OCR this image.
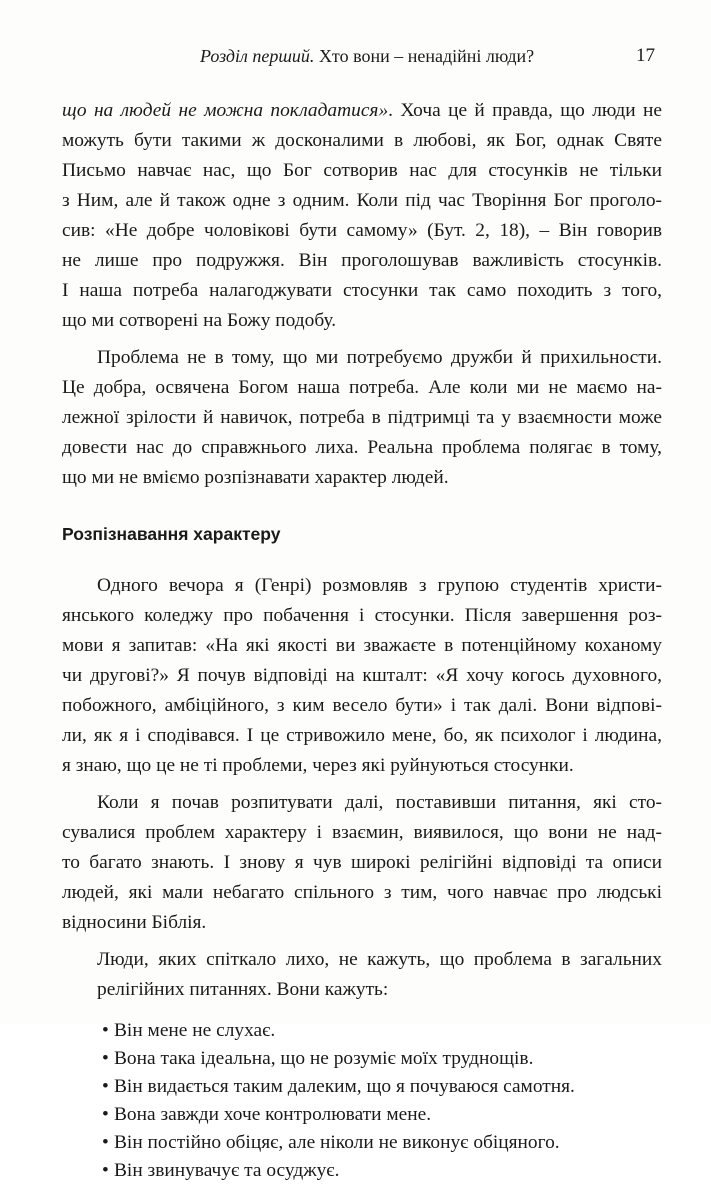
Розділ перший. Хто вони – ненадійні люди?	17
що на людей не можна покладатися». Хоча це й правда, що люди не
можуть бути такими ж досконалими в любові, як Бог, однак Святе
Письмо навчає нас, що Бог сотворив нас для стосунків не тільки
з Ним, але й також одне з одним. Коли під час Творіння Бог проголо-
сив: «Не добре чоловікові бути самому» (Бут. 2, 18), – Він говорив
не лише про подружжя. Він проголошував важливість стосунків.
І наша потреба налагоджувати стосунки так само походить з того,
що ми сотворені на Божу подобу.
Проблема не в тому, що ми потребуємо дружби й прихильности.
Це добра, освячена Богом наша потреба. Але коли ми не маємо на-
лежної зрілости й навичок, потреба в підтримці та у взаємности може
довести нас до справжнього лиха. Реальна проблема полягає в тому,
що ми не вміємо розпізнавати характер людей.
Розпізнавання характеру
Одного вечора я (Генрі) розмовляв з групою студентів христи-
янського коледжу про побачення і стосунки. Після завершення роз-
мови я запитав: «На які якості ви зважаєте в потенційному коханому
чи другові?» Я почув відповіді на кшталт: «Я хочу когось духовного,
побожного, амбіційного, з ким весело бути» і так далі. Вони відпові-
ли, як я і сподівався. І це стривожило мене, бо, як психолог і людина,
я знаю, що це не ті проблеми, через які руйнуються стосунки.
Коли я почав розпитувати далі, поставивши питання, які сто-
сувалися проблем характеру і взаємин, виявилося, що вони не над-
то багато знають. І знову я чув широкі релігійні відповіді та описи
людей, які мали небагато спільного з тим, чого навчає про людські
відносини Біблія.
Люди, яких спіткало лихо, не кажуть, що проблема в загальних
релігійних питаннях. Вони кажуть:
• Він мене не слухає.
• Вона така ідеальна, що не розуміє моїх труднощів.
• Він видається таким далеким, що я почуваюся самотня.
• Вона завжди хоче контролювати мене.
• Він постійно обіцяє, але ніколи не виконує обіцяного.
• Він звинувачує та осуджує.
